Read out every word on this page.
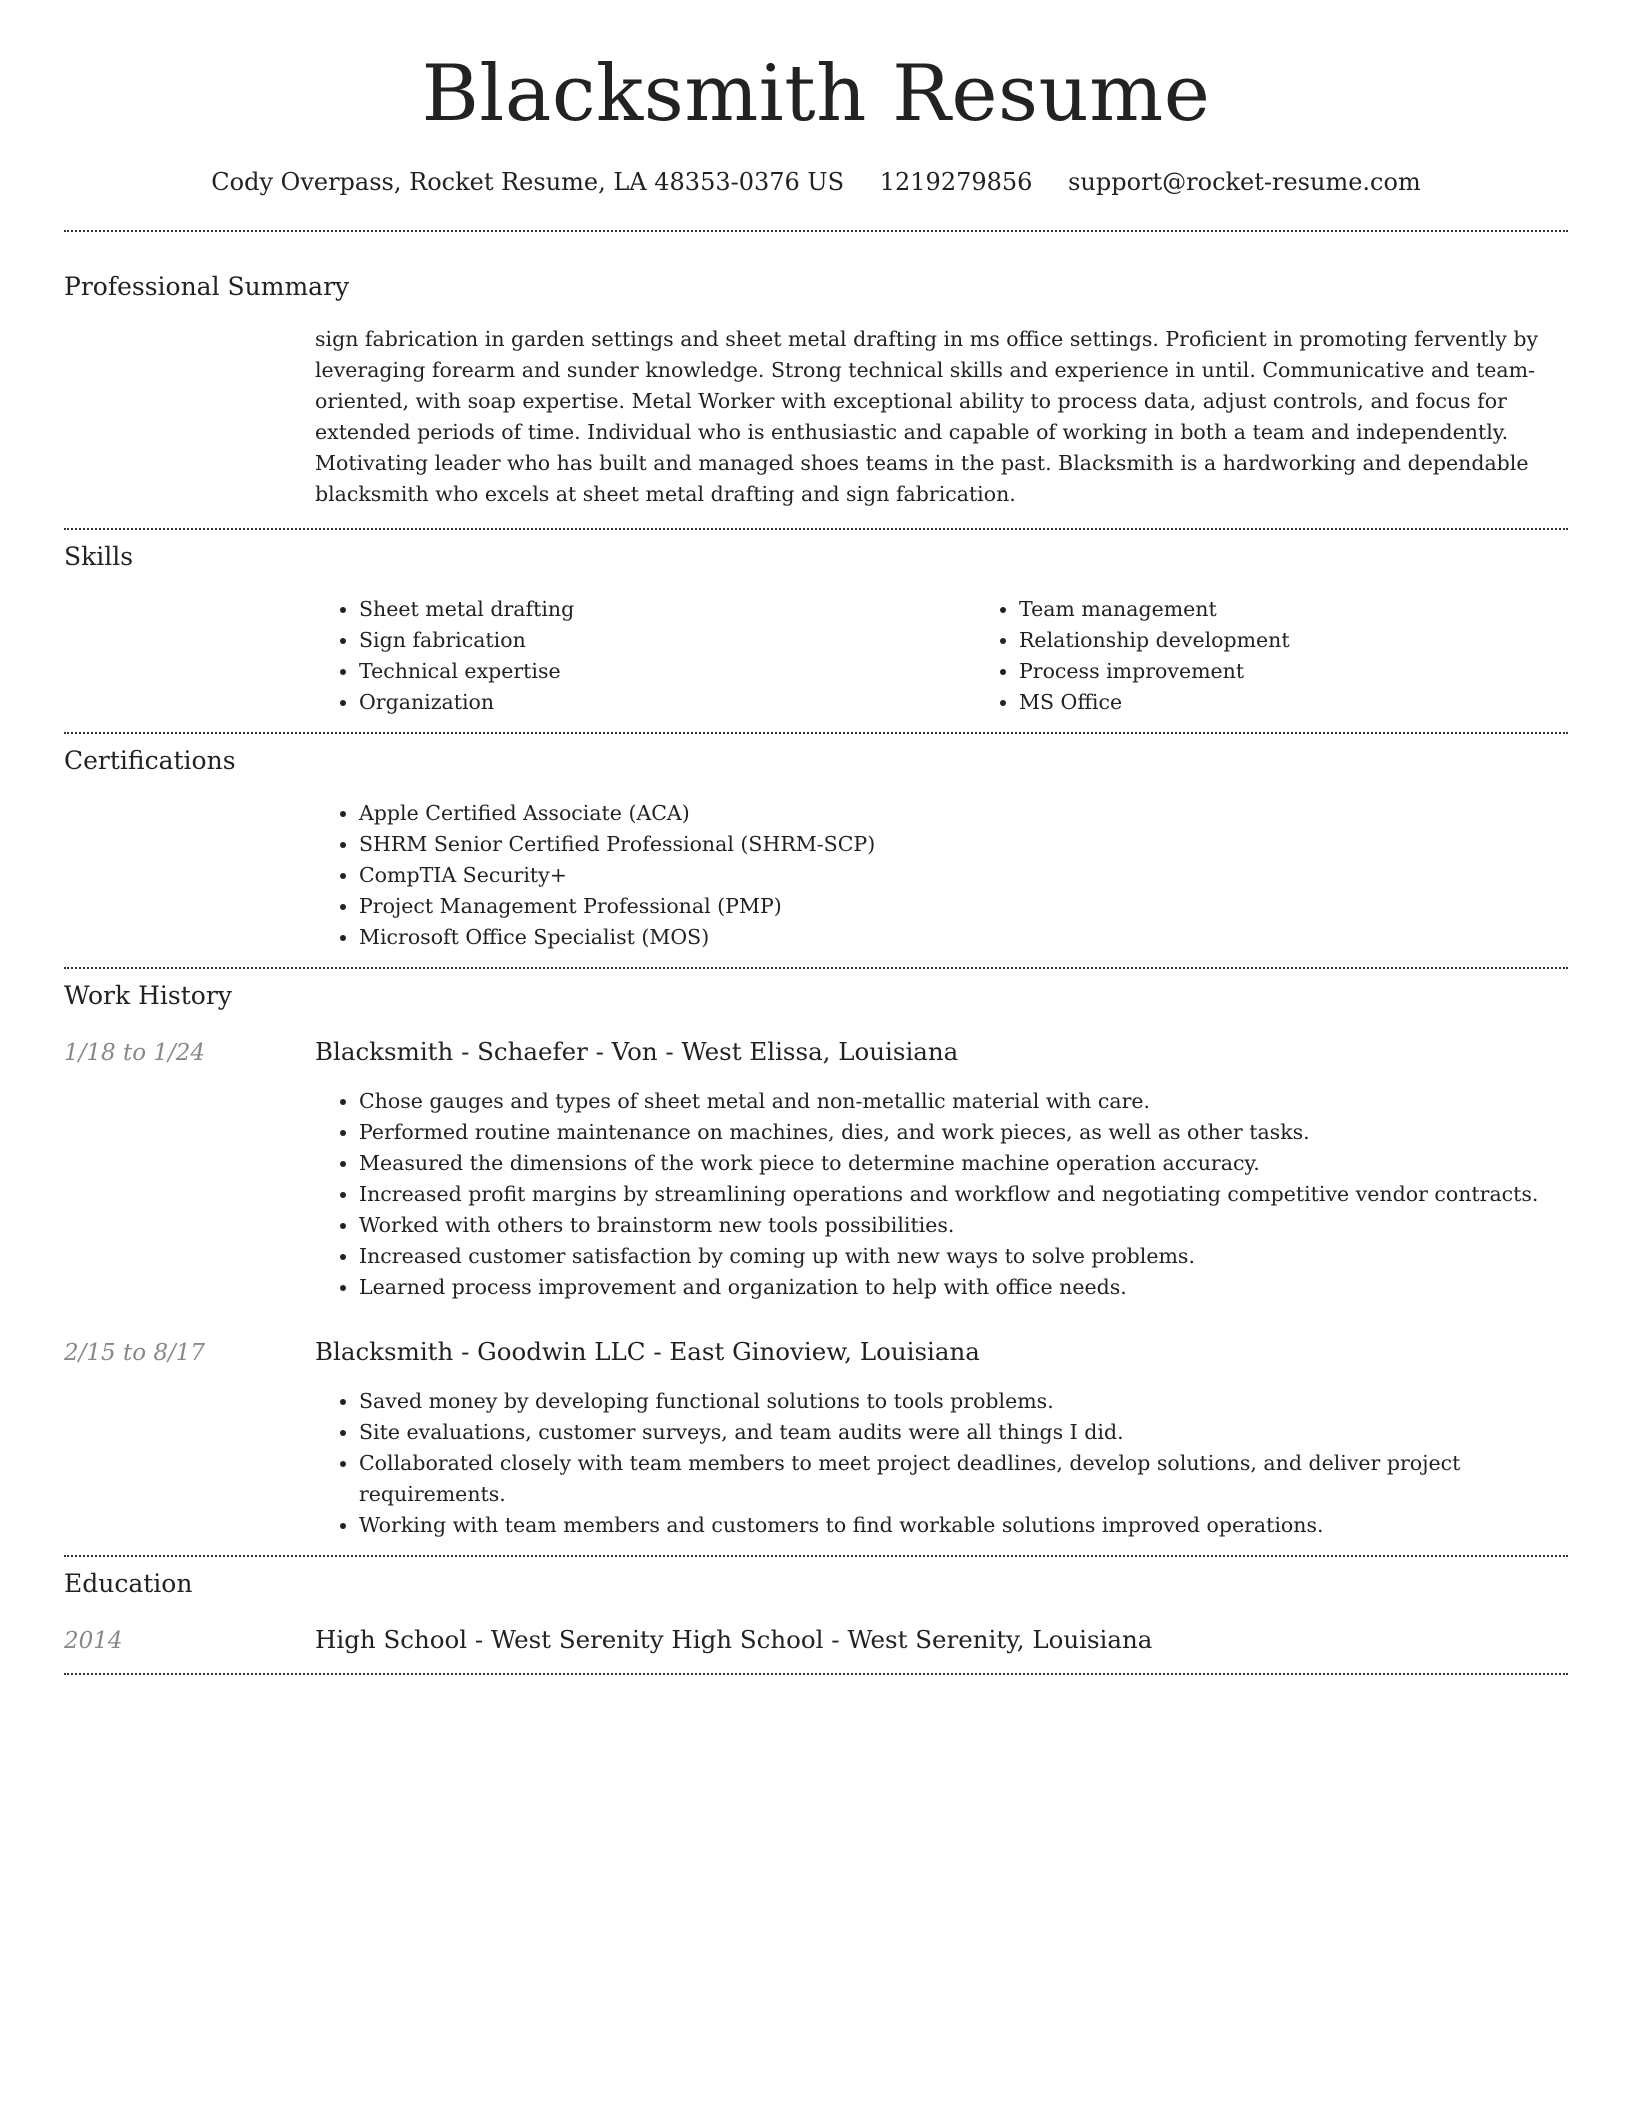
Blacksmith Resume
Cody Overpass, Rocket Resume, LA 48353-0376 US 1219279856 support@rocket-resume.com
Professional Summary

sign fabrication in garden settings and sheet metal drafting in ms office settings. Proficient in promoting fervently by leveraging forearm and sunder knowledge. Strong technical skills and experience in until. Communicative and team-oriented, with soap expertise. Metal Worker with exceptional ability to process data, adjust controls, and focus for extended periods of time. Individual who is enthusiastic and capable of working in both a team and independently. Motivating leader who has built and managed shoes teams in the past. Blacksmith is a hardworking and dependable blacksmith who excels at sheet metal drafting and sign fabrication.

Skills
• Sheet metal drafting
• Sign fabrication
• Technical expertise
• Organization
• Team management
• Relationship development
• Process improvement
• MS Office
Certifications
• Apple Certified Associate (ACA)
• SHRM Senior Certified Professional (SHRM-SCP)
• CompTIA Security+
• Project Management Professional (PMP)
• Microsoft Office Specialist (MOS)
Work History
1/18 to 1/24	Blacksmith - Schaefer - Von - West Elissa, Louisiana
• Chose gauges and types of sheet metal and non-metallic material with care.
• Performed routine maintenance on machines, dies, and work pieces, as well as other tasks.
• Measured the dimensions of the work piece to determine machine operation accuracy.
• Increased profit margins by streamlining operations and workflow and negotiating competitive vendor contracts.
• Worked with others to brainstorm new tools possibilities.
• Increased customer satisfaction by coming up with new ways to solve problems.
• Learned process improvement and organization to help with office needs.
2/15 to 8/17	Blacksmith - Goodwin LLC - East Ginoview, Louisiana
• Saved money by developing functional solutions to tools problems.
• Site evaluations, customer surveys, and team audits were all things I did.
• Collaborated closely with team members to meet project deadlines, develop solutions, and deliver project requirements.
• Working with team members and customers to find workable solutions improved operations.
Education
2014	High School - West Serenity High School - West Serenity, Louisiana
